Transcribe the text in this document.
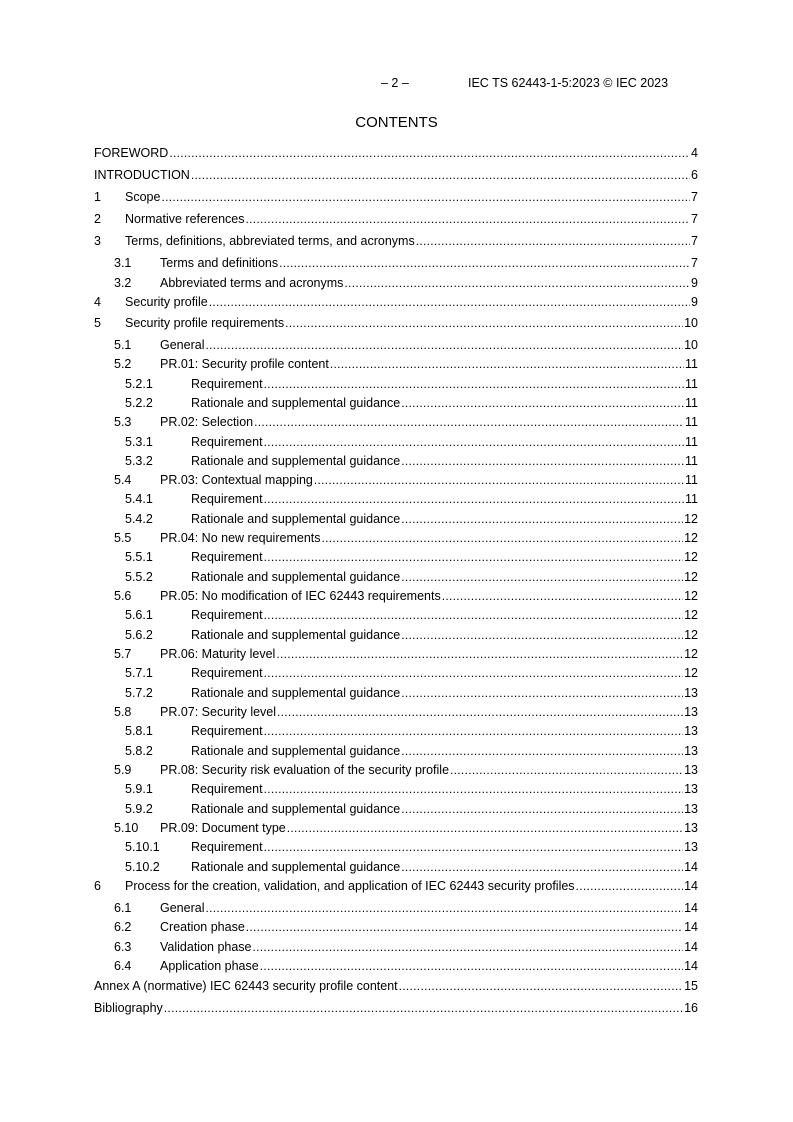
– 2 –	IEC TS 62443-1-5:2023 © IEC 2023
CONTENTS
FOREWORD .....	4
INTRODUCTION .....	6
1	Scope .....	7
2	Normative references .....	7
3	Terms, definitions, abbreviated terms, and acronyms .....	7
3.1	Terms and definitions .....	7
3.2	Abbreviated terms and acronyms .....	9
4	Security profile .....	9
5	Security profile requirements .....	10
5.1	General .....	10
5.2	PR.01: Security profile content .....	11
5.2.1	Requirement .....	11
5.2.2	Rationale and supplemental guidance .....	11
5.3	PR.02: Selection .....	11
5.3.1	Requirement .....	11
5.3.2	Rationale and supplemental guidance .....	11
5.4	PR.03: Contextual mapping .....	11
5.4.1	Requirement .....	11
5.4.2	Rationale and supplemental guidance .....	12
5.5	PR.04: No new requirements .....	12
5.5.1	Requirement .....	12
5.5.2	Rationale and supplemental guidance .....	12
5.6	PR.05: No modification of IEC 62443 requirements .....	12
5.6.1	Requirement .....	12
5.6.2	Rationale and supplemental guidance .....	12
5.7	PR.06: Maturity level .....	12
5.7.1	Requirement .....	12
5.7.2	Rationale and supplemental guidance .....	13
5.8	PR.07: Security level .....	13
5.8.1	Requirement .....	13
5.8.2	Rationale and supplemental guidance .....	13
5.9	PR.08: Security risk evaluation of the security profile .....	13
5.9.1	Requirement .....	13
5.9.2	Rationale and supplemental guidance .....	13
5.10	PR.09: Document type .....	13
5.10.1	Requirement .....	13
5.10.2	Rationale and supplemental guidance .....	14
6	Process for the creation, validation, and application of IEC 62443 security profiles .....	14
6.1	General .....	14
6.2	Creation phase .....	14
6.3	Validation phase .....	14
6.4	Application phase .....	14
Annex A (normative) IEC 62443 security profile content .....	15
Bibliography .....	16
